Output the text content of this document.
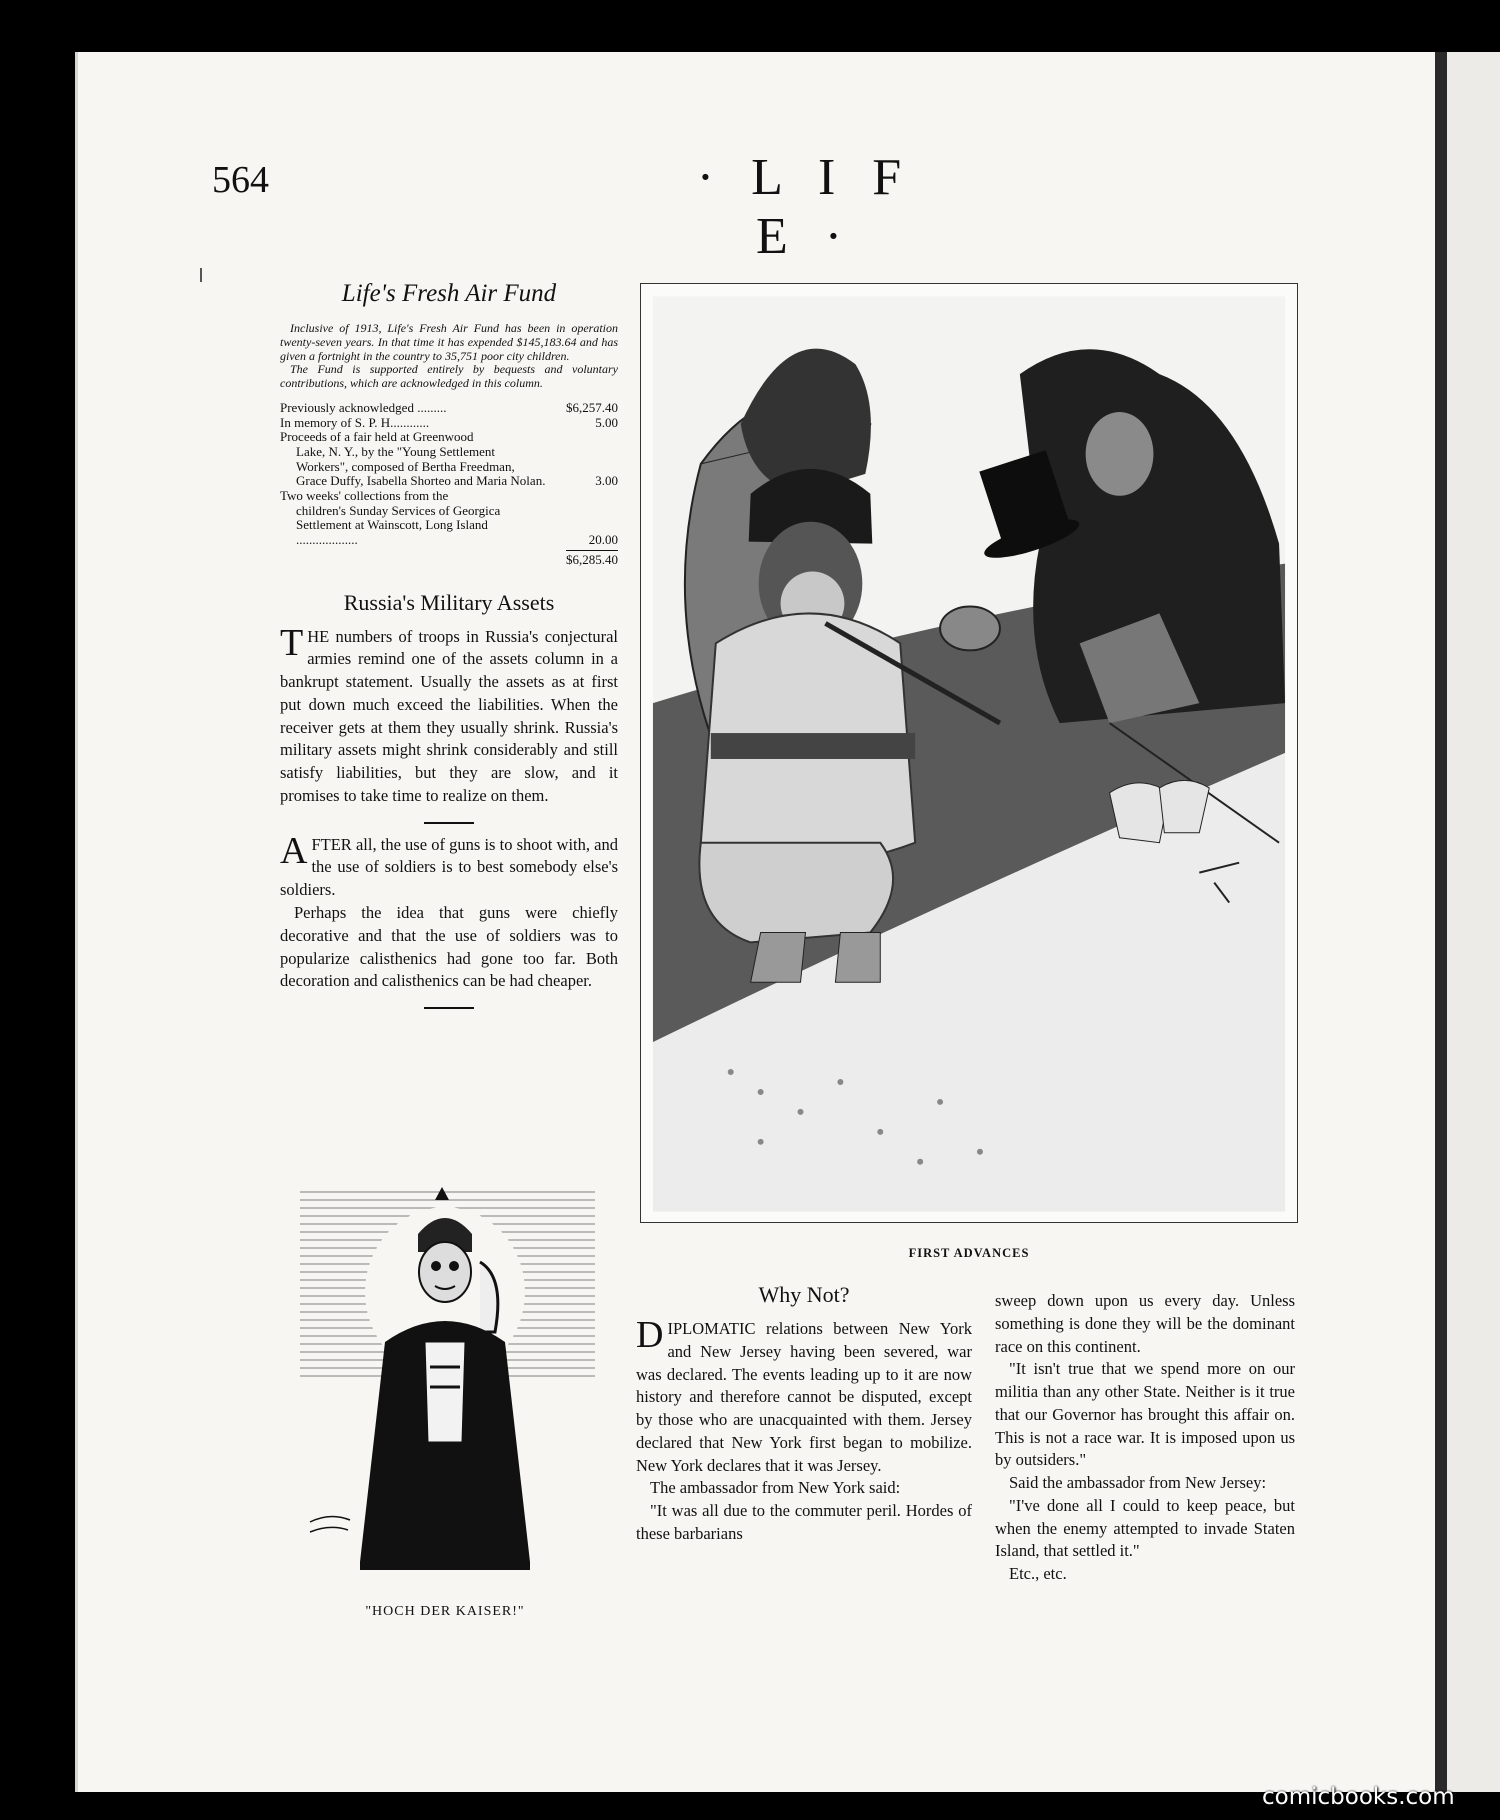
564	· L I F E ·
Life's Fresh Air Fund

Inclusive of 1913, Life's Fresh Air Fund has been in operation twenty-seven years. In that time it has expended $145,183.64 and has given a fortnight in the country to 35,751 poor city children.

The Fund is supported entirely by bequests and voluntary contributions, which are acknowledged in this column.

Previously acknowledged .........	$6,257.40
In memory of S. P. H............	5.00
Proceeds of a fair held at Greenwood
Lake, N. Y., by the "Young Settlement Workers", composed of Bertha Freedman, Grace Duffy, Isabella Shorteo and Maria Nolan.	3.00
Two weeks' collections from the
children's Sunday Services of Georgica Settlement at Wainscott, Long Island ...................	20.00
$6,285.40
Russia's Military Assets

THE numbers of troops in Russia's conjectural armies remind one of the assets column in a bankrupt statement. Usually the assets as at first put down much exceed the liabilities. When the receiver gets at them they usually shrink. Russia's military assets might shrink considerably and still satisfy liabilities, but they are slow, and it promises to take time to realize on them.

AFTER all, the use of guns is to shoot with, and the use of soldiers is to best somebody else's soldiers.

Perhaps the idea that guns were chiefly decorative and that the use of soldiers was to popularize calisthenics had gone too far. Both decoration and calisthenics can be had cheaper.

"HOCH DER KAISER!"
FIRST ADVANCES
Why Not?

DIPLOMATIC relations between New York and New Jersey having been severed, war was declared. The events leading up to it are now history and therefore cannot be disputed, except by those who are unacquainted with them. Jersey declared that New York first began to mobilize. New York declares that it was Jersey.

The ambassador from New York said:

"It was all due to the commuter peril. Hordes of these barbarians

sweep down upon us every day. Unless something is done they will be the dominant race on this continent.

"It isn't true that we spend more on our militia than any other State. Neither is it true that our Governor has brought this affair on. This is not a race war. It is imposed upon us by outsiders."

Said the ambassador from New Jersey:

"I've done all I could to keep peace, but when the enemy attempted to invade Staten Island, that settled it."

Etc., etc.

comicbooks.com
